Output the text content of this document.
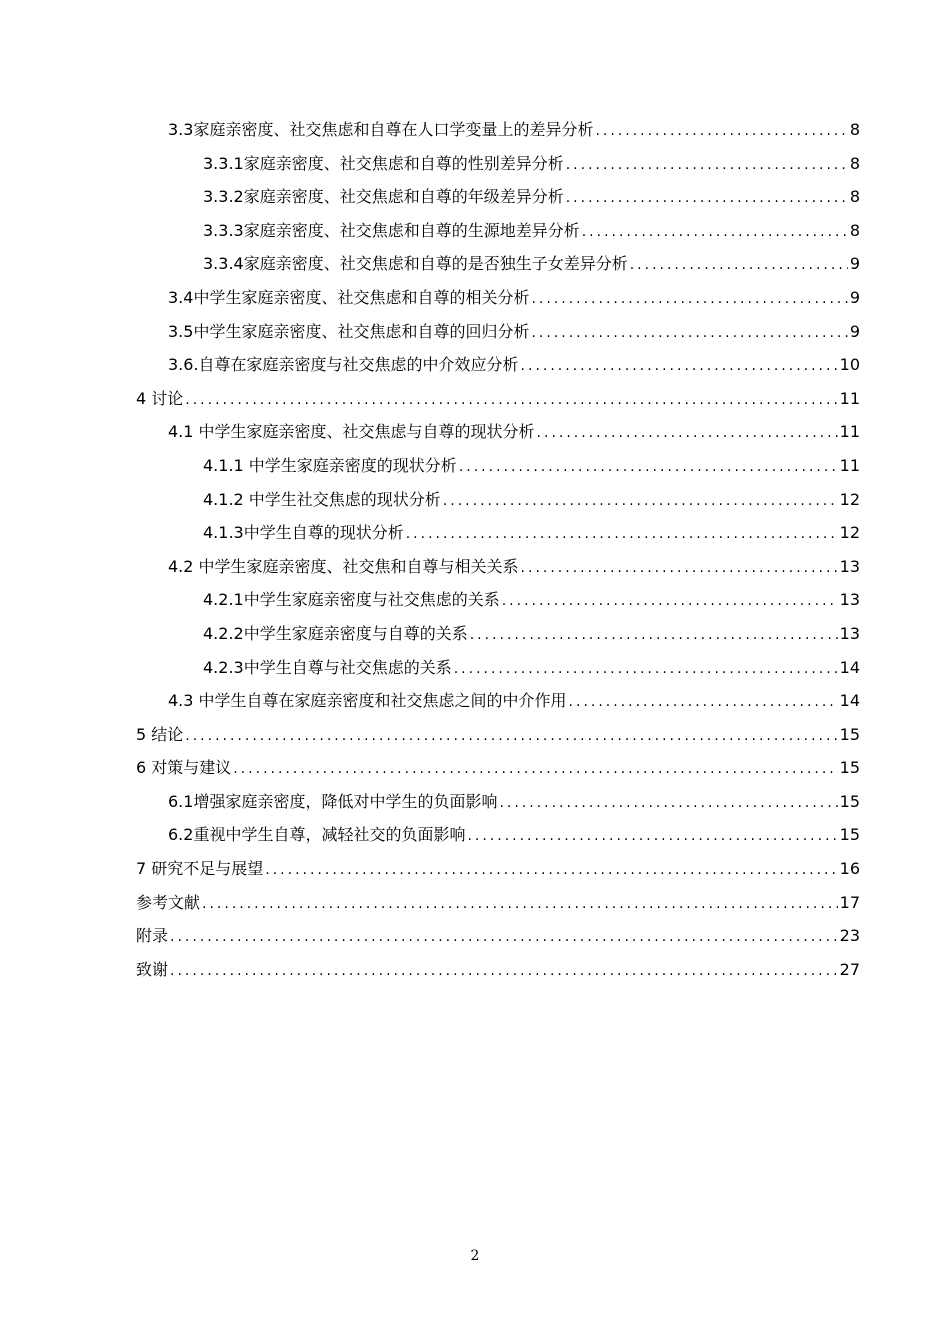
3.3家庭亲密度、社交焦虑和自尊在人口学变量上的差异分析 .....	8
3.3.1家庭亲密度、社交焦虑和自尊的性别差异分析 .....	8
3.3.2家庭亲密度、社交焦虑和自尊的年级差异分析 .....	8
3.3.3家庭亲密度、社交焦虑和自尊的生源地差异分析 .....	8
3.3.4家庭亲密度、社交焦虑和自尊的是否独生子女差异分析 .....	9
3.4中学生家庭亲密度、社交焦虑和自尊的相关分析 .....	9
3.5中学生家庭亲密度、社交焦虑和自尊的回归分析 .....	9
3.6.自尊在家庭亲密度与社交焦虑的中介效应分析 .....	10
4 讨论 .....	11
4.1 中学生家庭亲密度、社交焦虑与自尊的现状分析 .....	11
4.1.1 中学生家庭亲密度的现状分析 .....	11
4.1.2 中学生社交焦虑的现状分析 .....	12
4.1.3中学生自尊的现状分析 .....	12
4.2 中学生家庭亲密度、社交焦和自尊与相关关系 .....	13
4.2.1中学生家庭亲密度与社交焦虑的关系 .....	13
4.2.2中学生家庭亲密度与自尊的关系 .....	13
4.2.3中学生自尊与社交焦虑的关系 .....	14
4.3 中学生自尊在家庭亲密度和社交焦虑之间的中介作用 .....	14
5 结论 .....	15
6 对策与建议 .....	15
6.1增强家庭亲密度，降低对中学生的负面影响 .....	15
6.2重视中学生自尊，减轻社交的负面影响 .....	15
7 研究不足与展望 .....	16
参考文献 .....	17
附录 .....	23
致谢 .....	27
2
